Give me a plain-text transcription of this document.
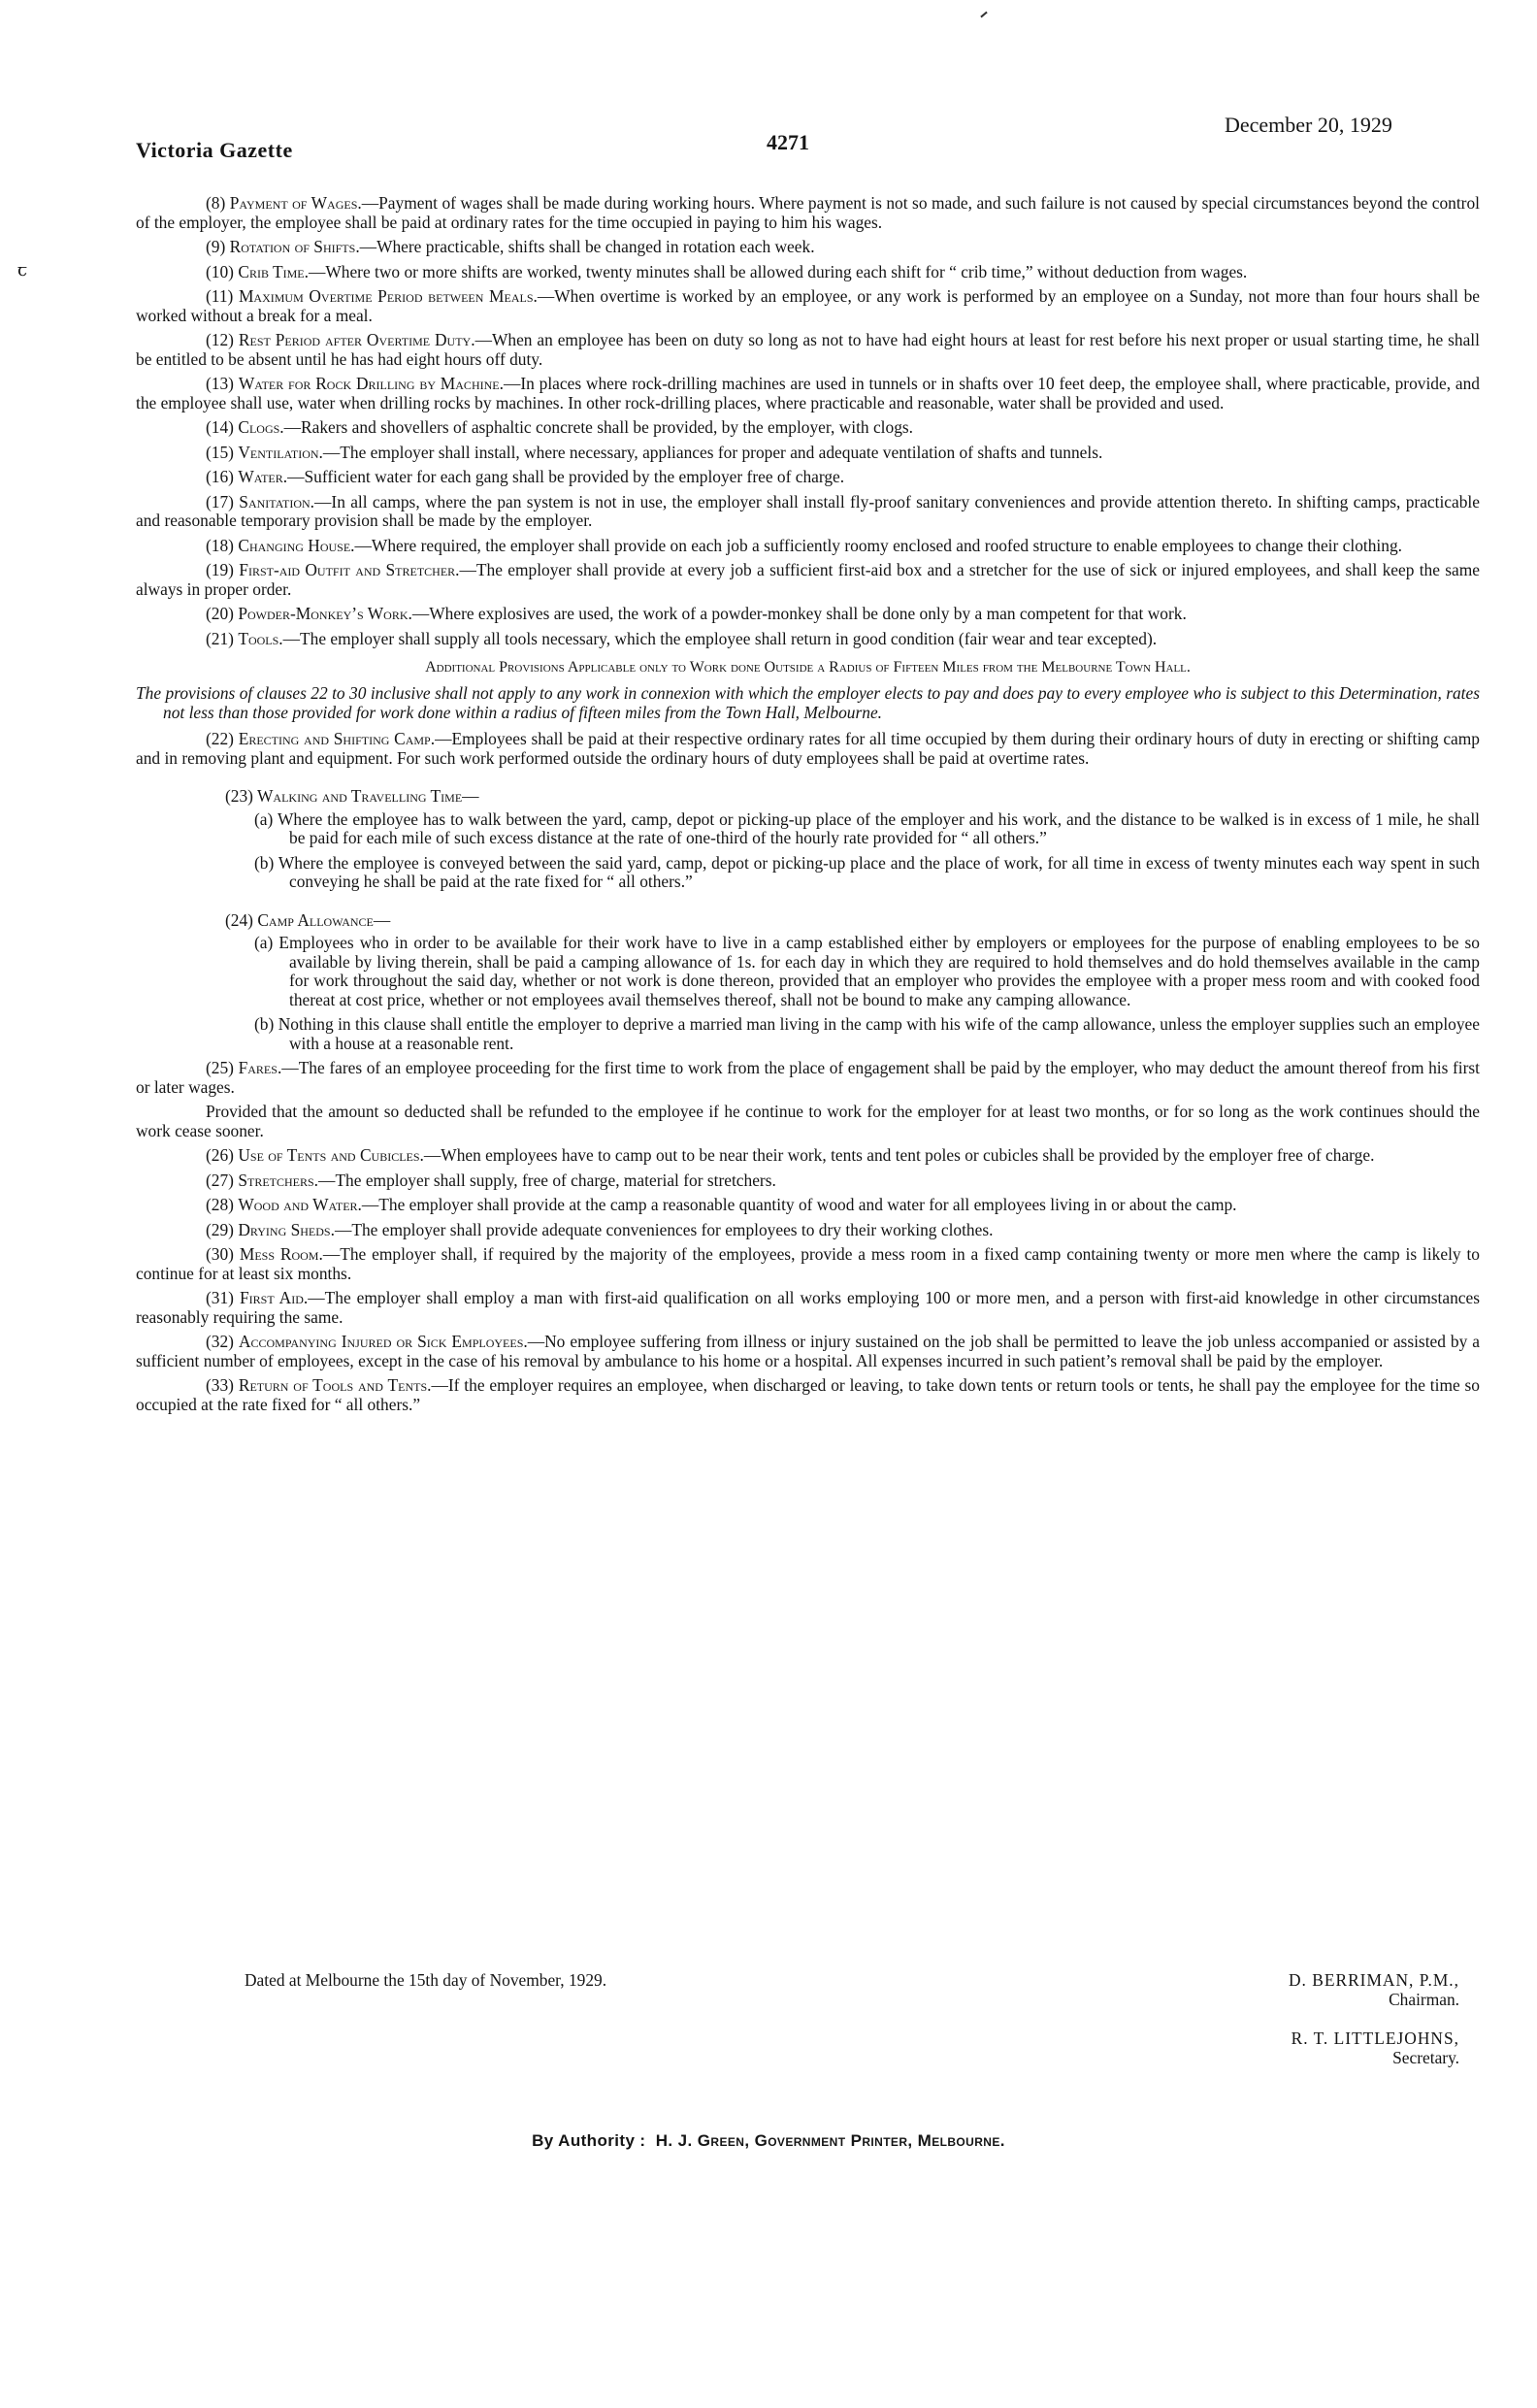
ꞇ
Victoria Gazette	4271
December 20, 1929

(8) Payment of Wages.—Payment of wages shall be made during working hours. Where payment is not so made, and such failure is not caused by special circumstances beyond the control of the employer, the employee shall be paid at ordinary rates for the time occupied in paying to him his wages.

(9) Rotation of Shifts.—Where practicable, shifts shall be changed in rotation each week.

(10) Crib Time.—Where two or more shifts are worked, twenty minutes shall be allowed during each shift for “ crib time,” without deduction from wages.

(11) Maximum Overtime Period between Meals.—When overtime is worked by an employee, or any work is performed by an employee on a Sunday, not more than four hours shall be worked without a break for a meal.

(12) Rest Period after Overtime Duty.—When an employee has been on duty so long as not to have had eight hours at least for rest before his next proper or usual starting time, he shall be entitled to be absent until he has had eight hours off duty.

(13) Water for Rock Drilling by Machine.—In places where rock-drilling machines are used in tunnels or in shafts over 10 feet deep, the employee shall, where practicable, provide, and the employee shall use, water when drilling rocks by machines. In other rock-drilling places, where practicable and reasonable, water shall be provided and used.

(14) Clogs.—Rakers and shovellers of asphaltic concrete shall be provided, by the employer, with clogs.

(15) Ventilation.—The employer shall install, where necessary, appliances for proper and adequate ventilation of shafts and tunnels.

(16) Water.—Sufficient water for each gang shall be provided by the employer free of charge.

(17) Sanitation.—In all camps, where the pan system is not in use, the employer shall install fly-proof sanitary conveniences and provide attention thereto. In shifting camps, practicable and reasonable temporary provision shall be made by the employer.

(18) Changing House.—Where required, the employer shall provide on each job a sufficiently roomy enclosed and roofed structure to enable employees to change their clothing.

(19) First-aid Outfit and Stretcher.—The employer shall provide at every job a sufficient first-aid box and a stretcher for the use of sick or injured employees, and shall keep the same always in proper order.

(20) Powder-Monkey’s Work.—Where explosives are used, the work of a powder-monkey shall be done only by a man competent for that work.

(21) Tools.—The employer shall supply all tools necessary, which the employee shall return in good condition (fair wear and tear excepted).

Additional Provisions Applicable only to Work done Outside a Radius of Fifteen Miles from the Melbourne Town Hall.
The provisions of clauses 22 to 30 inclusive shall not apply to any work in connexion with which the employer elects to pay and does pay to every employee who is subject to this Determination, rates not less than those provided for work done within a radius of fifteen miles from the Town Hall, Melbourne.

(22) Erecting and Shifting Camp.—Employees shall be paid at their respective ordinary rates for all time occupied by them during their ordinary hours of duty in erecting or shifting camp and in removing plant and equipment. For such work performed outside the ordinary hours of duty employees shall be paid at overtime rates.

(23) Walking and Travelling Time—
(a) Where the employee has to walk between the yard, camp, depot or picking-up place of the employer and his work, and the distance to be walked is in excess of 1 mile, he shall be paid for each mile of such excess distance at the rate of one-third of the hourly rate provided for “ all others.”
(b) Where the employee is conveyed between the said yard, camp, depot or picking-up place and the place of work, for all time in excess of twenty minutes each way spent in such conveying he shall be paid at the rate fixed for “ all others.”
(24) Camp Allowance—
(a) Employees who in order to be available for their work have to live in a camp established either by employers or employees for the purpose of enabling employees to be so available by living therein, shall be paid a camping allowance of 1s. for each day in which they are required to hold themselves and do hold themselves available in the camp for work throughout the said day, whether or not work is done thereon, provided that an employer who provides the employee with a proper mess room and with cooked food thereat at cost price, whether or not employees avail themselves thereof, shall not be bound to make any camping allowance.
(b) Nothing in this clause shall entitle the employer to deprive a married man living in the camp with his wife of the camp allowance, unless the employer supplies such an employee with a house at a reasonable rent.

(25) Fares.—The fares of an employee proceeding for the first time to work from the place of engagement shall be paid by the employer, who may deduct the amount thereof from his first or later wages.

Provided that the amount so deducted shall be refunded to the employee if he continue to work for the employer for at least two months, or for so long as the work continues should the work cease sooner.

(26) Use of Tents and Cubicles.—When employees have to camp out to be near their work, tents and tent poles or cubicles shall be provided by the employer free of charge.

(27) Stretchers.—The employer shall supply, free of charge, material for stretchers.

(28) Wood and Water.—The employer shall provide at the camp a reasonable quantity of wood and water for all employees living in or about the camp.

(29) Drying Sheds.—The employer shall provide adequate conveniences for employees to dry their working clothes.

(30) Mess Room.—The employer shall, if required by the majority of the employees, provide a mess room in a fixed camp containing twenty or more men where the camp is likely to continue for at least six months.

(31) First Aid.—The employer shall employ a man with first-aid qualification on all works employing 100 or more men, and a person with first-aid knowledge in other circumstances reasonably requiring the same.

(32) Accompanying Injured or Sick Employees.—No employee suffering from illness or injury sustained on the job shall be permitted to leave the job unless accompanied or assisted by a sufficient number of employees, except in the case of his removal by ambulance to his home or a hospital. All expenses incurred in such patient’s removal shall be paid by the employer.

(33) Return of Tools and Tents.—If the employer requires an employee, when discharged or leaving, to take down tents or return tools or tents, he shall pay the employee for the time so occupied at the rate fixed for “ all others.”

Dated at Melbourne the 15th day of November, 1929.	D. BERRIMAN, P.M.,
Chairman.
R. T. LITTLEJOHNS,
Secretary.
By Authority : H. J. Green, Government Printer, Melbourne.
